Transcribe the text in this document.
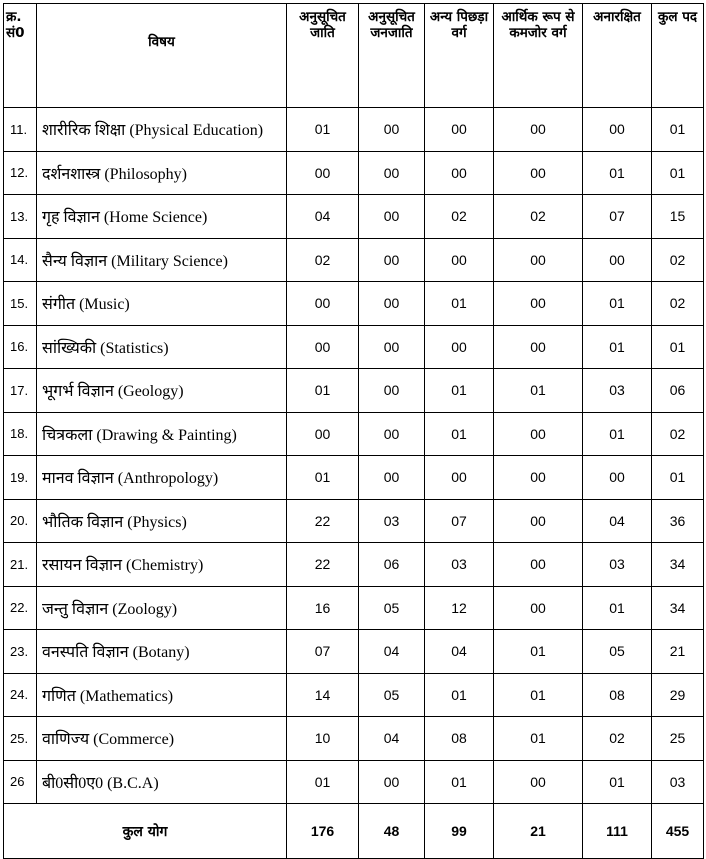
क्र. सं0	विषय	अनुसूचित जाति	अनुसूचित जनजाति	अन्य पिछड़ा वर्ग	आर्थिक रूप से कमजोर वर्ग	अनारक्षित	कुल पद
11.	शारीरिक शिक्षा (Physical Education)	01	00	00	00	00	01
12.	दर्शनशास्त्र (Philosophy)	00	00	00	00	01	01
13.	गृह विज्ञान (Home Science)	04	00	02	02	07	15
14.	सैन्य विज्ञान (Military Science)	02	00	00	00	00	02
15.	संगीत (Music)	00	00	01	00	01	02
16.	सांख्यिकी (Statistics)	00	00	00	00	01	01
17.	भूगर्भ विज्ञान (Geology)	01	00	01	01	03	06
18.	चित्रकला (Drawing & Painting)	00	00	01	00	01	02
19.	मानव विज्ञान (Anthropology)	01	00	00	00	00	01
20.	भौतिक विज्ञान (Physics)	22	03	07	00	04	36
21.	रसायन विज्ञान (Chemistry)	22	06	03	00	03	34
22.	जन्तु विज्ञान (Zoology)	16	05	12	00	01	34
23.	वनस्पति विज्ञान (Botany)	07	04	04	01	05	21
24.	गणित (Mathematics)	14	05	01	01	08	29
25.	वाणिज्य (Commerce)	10	04	08	01	02	25
26	बी0सी0ए0 (B.C.A)	01	00	01	00	01	03
कुल योग		176	48	99	21	111	455
